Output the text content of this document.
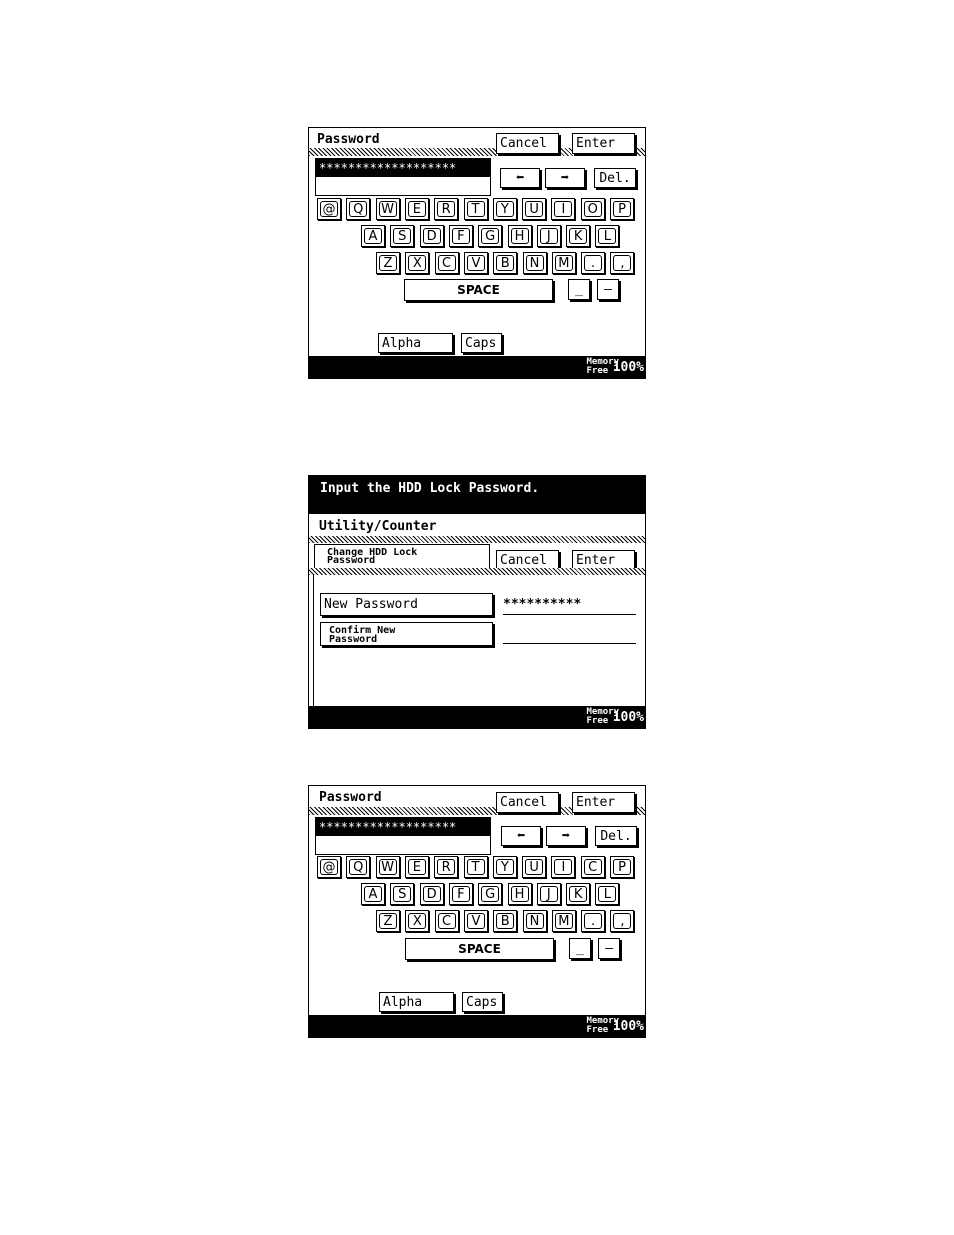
Password	Cancel	Enter
*******************
⬅	➡	Del.
@ Q W	E	R	T	Y	U	I	O	P
A	S	D	F	G	H	J	K	L
Z	X	C	V	B	N	M	.	,
SPACE	_	—
Alpha	Caps
Memory
Free 100%
Input the HDD Lock Password.
Utility/Counter
Change HDD Lock
Password	Cancel	Enter
New Password	**********
Confirm New
Password
Memory
Free 100%
Password	Cancel	Enter
*******************
⬅	➡	Del.
@ Q W	E	R	T	Y	U	I	C	P
A	S	D	F	G	H	J	K	L
Z	X	C	V	B	N	M	.	,
SPACE	_	—
Alpha	Caps
Memory
Free 100%
